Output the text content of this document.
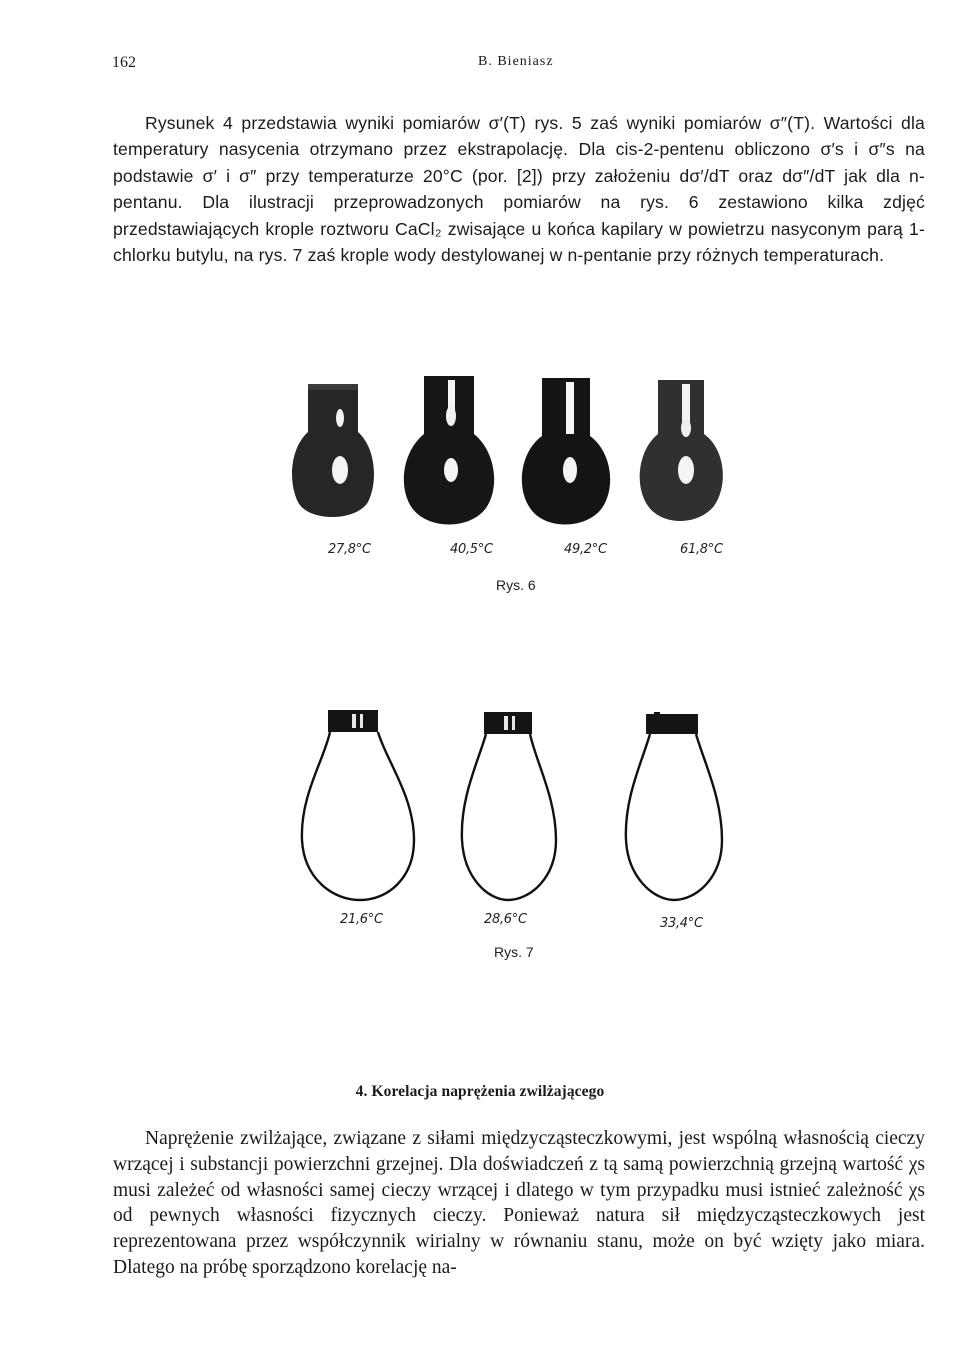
162	B. Bieniasz

Rysunek 4 przedstawia wyniki pomiarów σ′(T) rys. 5 zaś wyniki pomiarów σ″(T). Wartości dla temperatury nasycenia otrzymano przez ekstrapolację. Dla cis-2-pentenu obliczono σ′s i σ″s na podstawie σ′ i σ″ przy temperaturze 20°C (por. [2]) przy założeniu dσ′/dT oraz dσ″/dT jak dla n-pentanu. Dla ilustracji przeprowadzonych pomiarów na rys. 6 zestawiono kilka zdjęć przedstawiających krople roztworu CaCl₂ zwisające u końca kapilary w powietrzu nasyconym parą 1-chlorku butylu, na rys. 7 zaś krople wody destylowanej w n-pentanie przy różnych temperaturach.

27,8°C	40,5°C	49,2°C	61,8°C
Rys. 6
21,6°C	28,6°C	33,4°C
Rys. 7
4. Korelacja naprężenia zwilżającego

Naprężenie zwilżające, związane z siłami międzycząsteczkowymi, jest wspólną własnością cieczy wrzącej i substancji powierzchni grzejnej. Dla doświadczeń z tą samą powierzchnią grzejną wartość χs musi zależeć od własności samej cieczy wrzącej i dlatego w tym przypadku musi istnieć zależność χs od pewnych własności fizycznych cieczy. Ponieważ natura sił międzycząsteczkowych jest reprezentowana przez współczynnik wirialny w równaniu stanu, może on być wzięty jako miara. Dlatego na próbę sporządzono korelację na-
